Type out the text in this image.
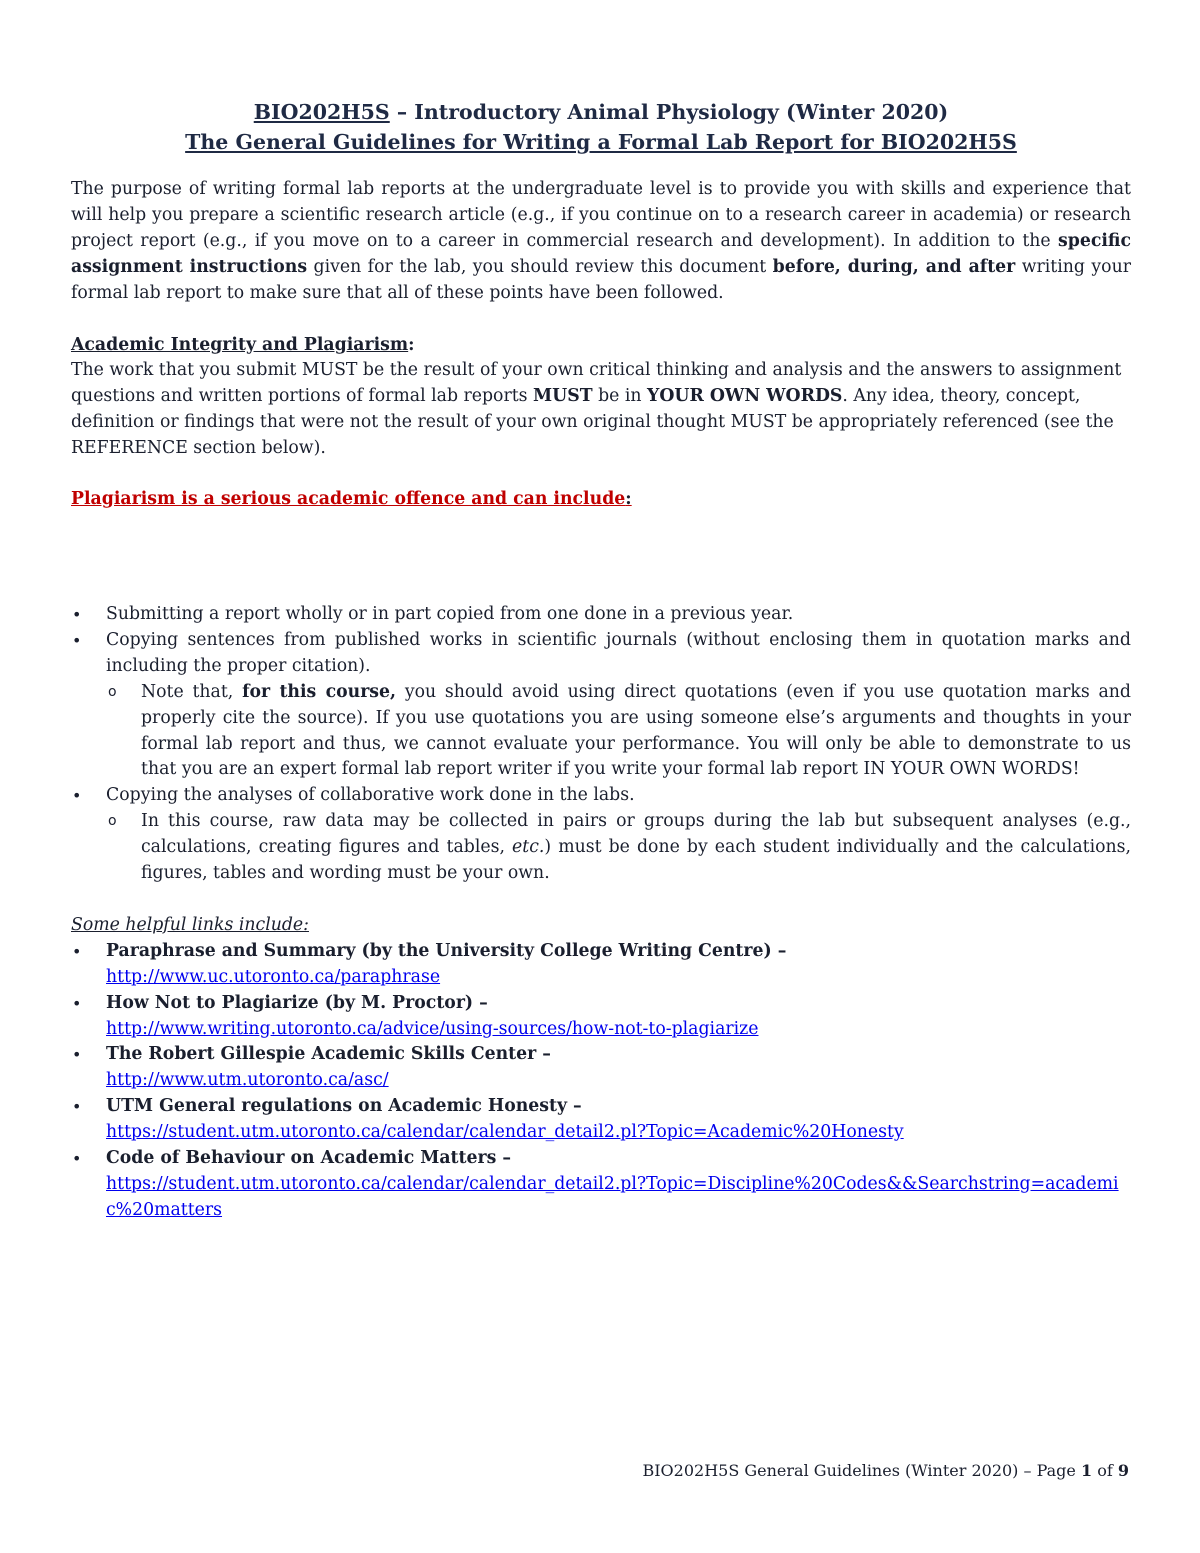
BIO202H5S – Introductory Animal Physiology (Winter 2020)
The General Guidelines for Writing a Formal Lab Report for BIO202H5S

The purpose of writing formal lab reports at the undergraduate level is to provide you with skills and experience that will help you prepare a scientific research article (e.g., if you continue on to a research career in academia) or research project report (e.g., if you move on to a career in commercial research and development). In addition to the specific assignment instructions given for the lab, you should review this document before, during, and after writing your formal lab report to make sure that all of these points have been followed.

Academic Integrity and Plagiarism:

The work that you submit MUST be the result of your own critical thinking and analysis and the answers to assignment questions and written portions of formal lab reports MUST be in YOUR OWN WORDS. Any idea, theory, concept, definition or findings that were not the result of your own original thought MUST be appropriately referenced (see the REFERENCE section below).

Plagiarism is a serious academic offence and can include:
• Submitting a report wholly or in part copied from one done in a previous year.
• Copying sentences from published works in scientific journals (without enclosing them in quotation marks and including the proper citation).
o Note that, for this course, you should avoid using direct quotations (even if you use quotation marks and properly cite the source). If you use quotations you are using someone else’s arguments and thoughts in your formal lab report and thus, we cannot evaluate your performance. You will only be able to demonstrate to us that you are an expert formal lab report writer if you write your formal lab report IN YOUR OWN WORDS!
• Copying the analyses of collaborative work done in the labs.
o In this course, raw data may be collected in pairs or groups during the lab but subsequent analyses (e.g., calculations, creating figures and tables, etc.) must be done by each student individually and the calculations, figures, tables and wording must be your own.
Some helpful links include:
• Paraphrase and Summary (by the University College Writing Centre) –
http://www.uc.utoronto.ca/paraphrase
• How Not to Plagiarize (by M. Proctor) –
http://www.writing.utoronto.ca/advice/using-sources/how-not-to-plagiarize
• The Robert Gillespie Academic Skills Center –
http://www.utm.utoronto.ca/asc/
• UTM General regulations on Academic Honesty –
https://student.utm.utoronto.ca/calendar/calendar_detail2.pl?Topic=Academic%20Honesty
• Code of Behaviour on Academic Matters –
https://student.utm.utoronto.ca/calendar/calendar_detail2.pl?Topic=Discipline%20Codes&&Searchstring=academic%20matters
BIO202H5S General Guidelines (Winter 2020) – Page 1 of 9
